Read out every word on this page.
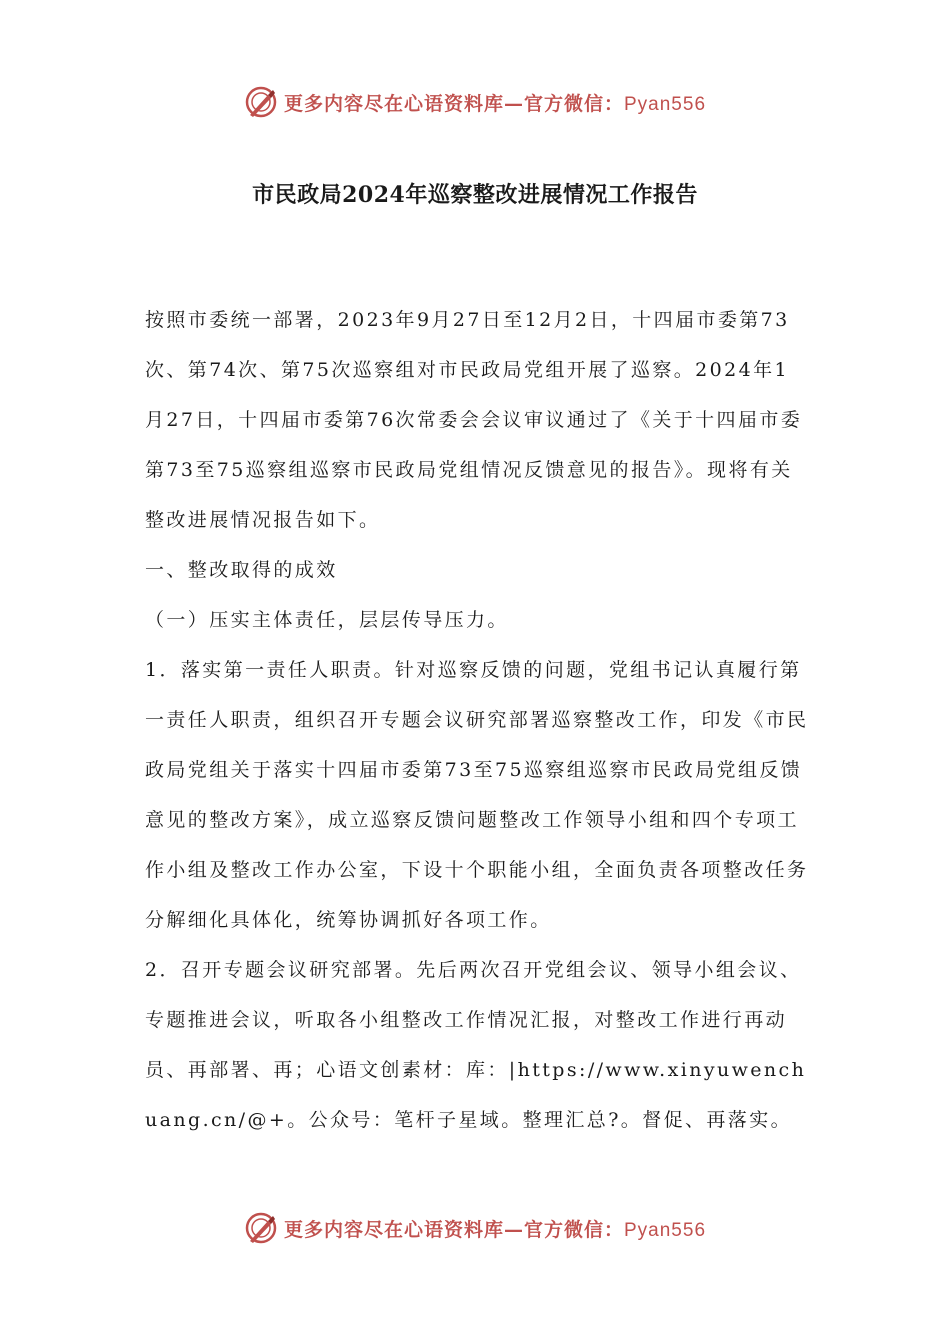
更多内容尽在心语资料库—官方微信：Pyan556
市民政局2024年巡察整改进展情况工作报告

按照市委统一部署，2023年9月27日至12月2日，十四届市委第73次、第74次、第75次巡察组对市民政局党组开展了巡察。2024年1月27日，十四届市委第76次常委会会议审议通过了《关于十四届市委第73至75巡察组巡察市民政局党组情况反馈意见的报告》。现将有关整改进展情况报告如下。

一、整改取得的成效

（一）压实主体责任，层层传导压力。

1．落实第一责任人职责。针对巡察反馈的问题，党组书记认真履行第一责任人职责，组织召开专题会议研究部署巡察整改工作，印发《市民政局党组关于落实十四届市委第73至75巡察组巡察市民政局党组反馈意见的整改方案》，成立巡察反馈问题整改工作领导小组和四个专项工作小组及整改工作办公室，下设十个职能小组，全面负责各项整改任务分解细化具体化，统筹协调抓好各项工作。

2．召开专题会议研究部署。先后两次召开党组会议、领导小组会议、专题推进会议，听取各小组整改工作情况汇报，对整改工作进行再动员、再部署、再；心语文创素材：库：|https://www.xinyuwenchuang.cn/@+。公众号：笔杆子星域。整理汇总?。督促、再落实。

更多内容尽在心语资料库—官方微信：Pyan556
